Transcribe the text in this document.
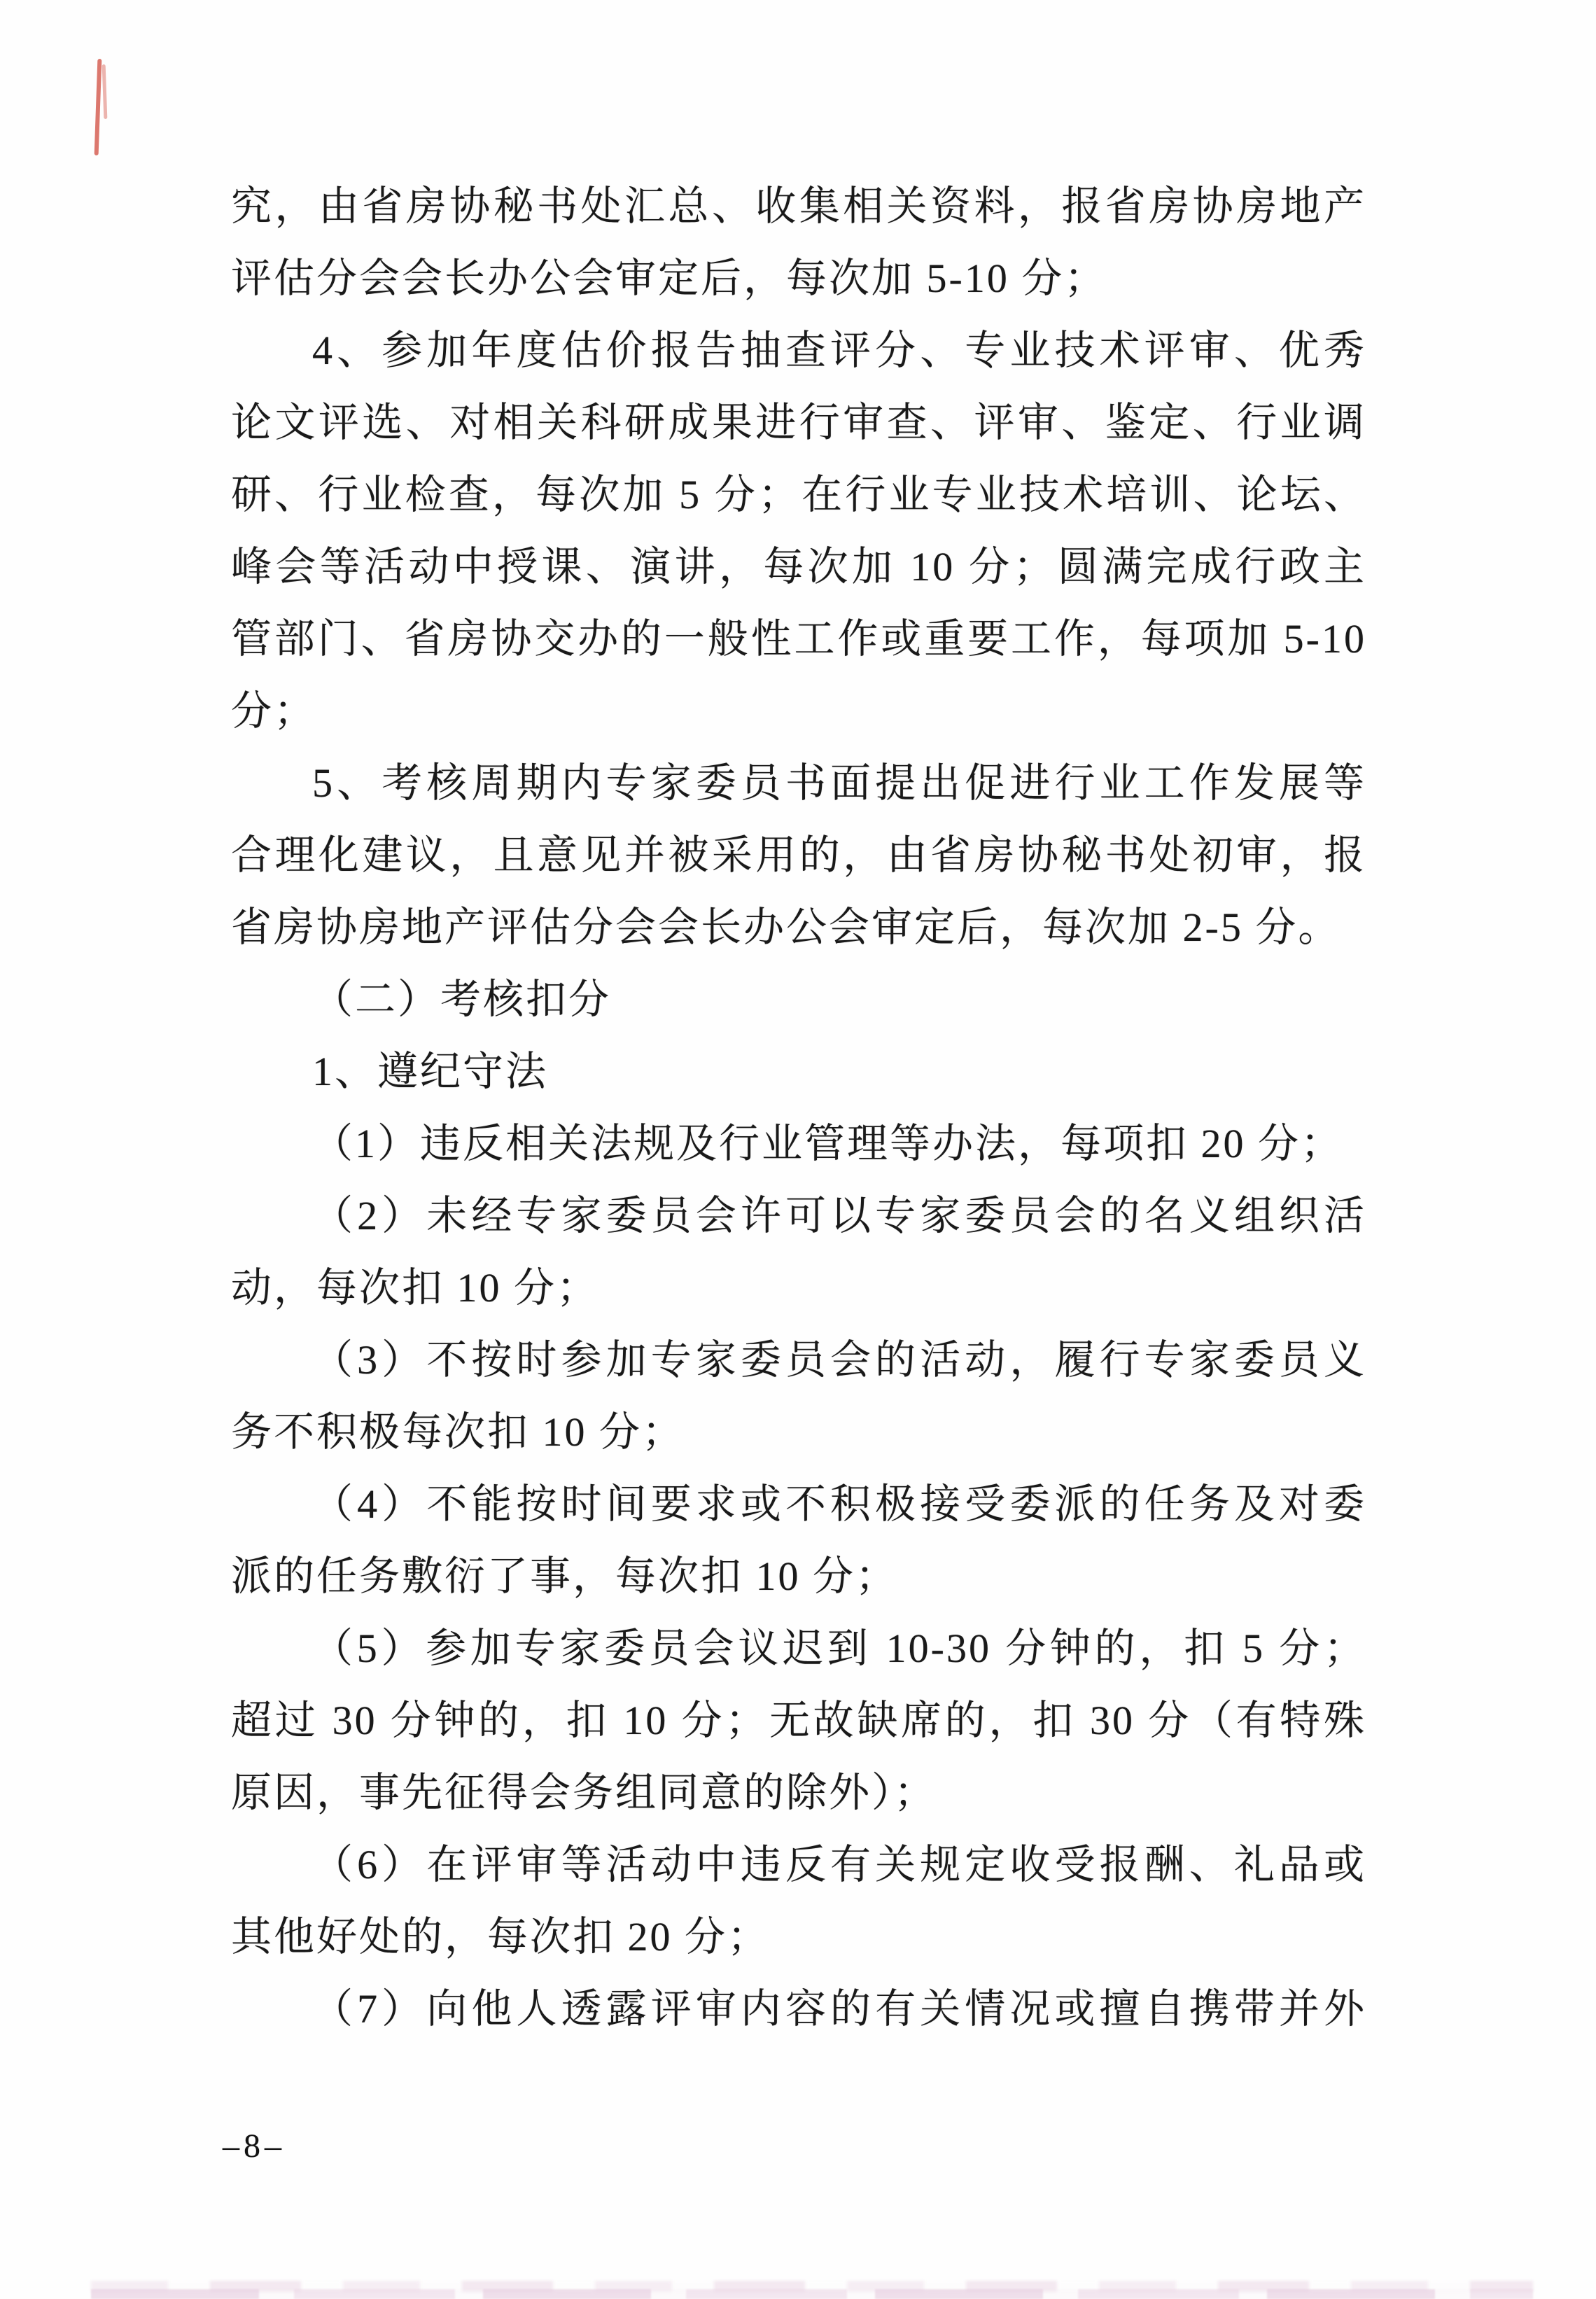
究，由省房协秘书处汇总、收集相关资料，报省房协房地产
评估分会会长办公会审定后，每次加 5-10 分；
4、参加年度估价报告抽查评分、专业技术评审、优秀
论文评选、对相关科研成果进行审查、评审、鉴定、行业调
研、行业检查，每次加 5 分；在行业专业技术培训、论坛、
峰会等活动中授课、演讲，每次加 10 分；圆满完成行政主
管部门、省房协交办的一般性工作或重要工作，每项加 5-10
分；
5、考核周期内专家委员书面提出促进行业工作发展等
合理化建议，且意见并被采用的，由省房协秘书处初审，报
省房协房地产评估分会会长办公会审定后，每次加 2-5 分。
（二）考核扣分
1、遵纪守法
（1）违反相关法规及行业管理等办法，每项扣 20 分；
（2）未经专家委员会许可以专家委员会的名义组织活
动，每次扣 10 分；
（3）不按时参加专家委员会的活动，履行专家委员义
务不积极每次扣 10 分；
（4）不能按时间要求或不积极接受委派的任务及对委
派的任务敷衍了事，每次扣 10 分；
（5）参加专家委员会议迟到 10-30 分钟的，扣 5 分；
超过 30 分钟的，扣 10 分；无故缺席的，扣 30 分（有特殊
原因，事先征得会务组同意的除外）；
（6）在评审等活动中违反有关规定收受报酬、礼品或
其他好处的，每次扣 20 分；
（7）向他人透露评审内容的有关情况或擅自携带并外
–8–
